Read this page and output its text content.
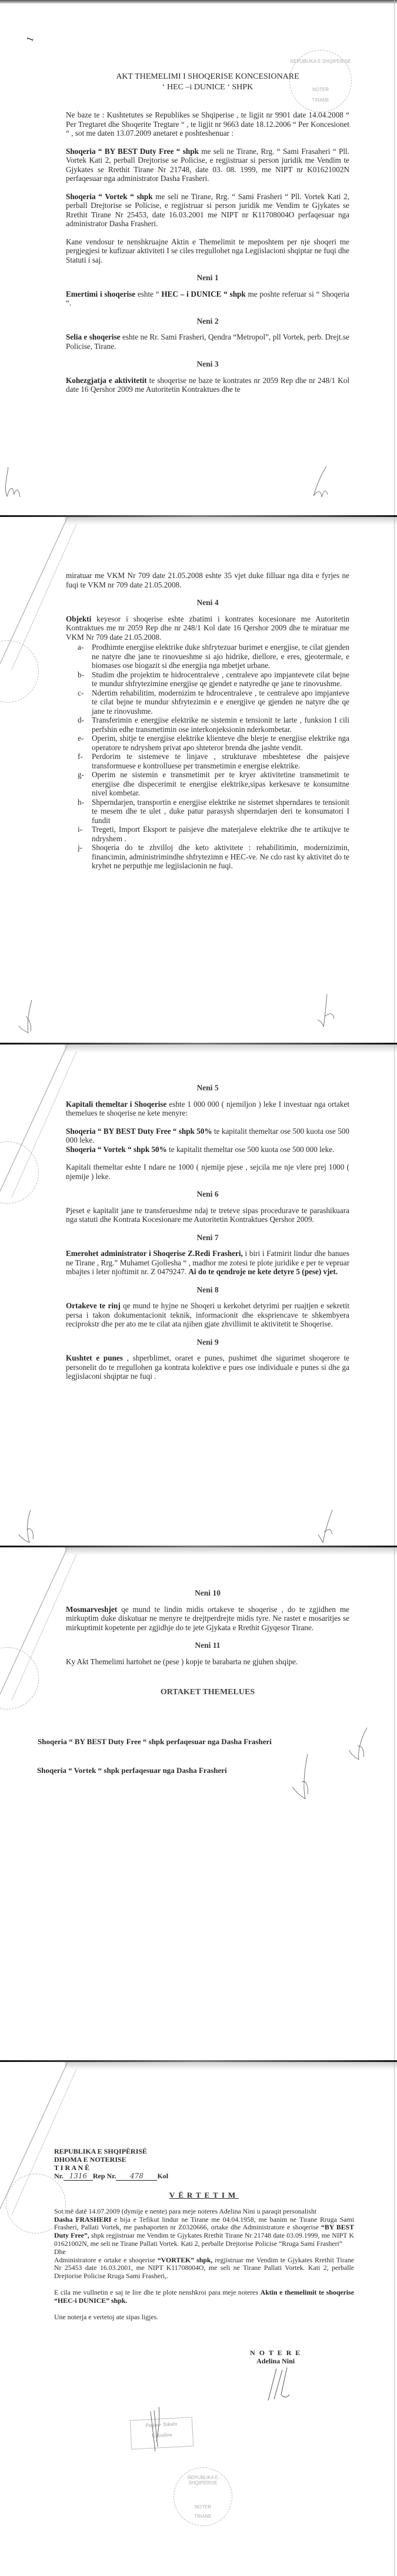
1
REPUBLIKA E SHQIPERISE
NOTER
TIRANE
AKT THEMELIMI I SHOQERISE KONCESIONARE
‘ HEC –i DUNICE ‘ SHPK

Ne baze te : Kushtetutes se Republikes se Shqiperise , te ligjit nr 9901 date 14.04.2008 “ Per Tregtaret dhe Shoqerite Tregtare “ , te ligjit nr 9663 date 18.12.2006 “ Per Koncesionet “ , sot me daten 13.07.2009 anetaret e poshteshenuar :

Shoqeria “ BY BEST Duty Free “ shpk me seli ne Tirane, Rrg. “ Sami Frasaheri “ Pll. Vortek Kati 2, perball Drejtorise se Policise, e regjistruar si person juridik me Vendim te Gjykates se Rrethit Tirane Nr 21748, date 03. 08. 1999, me NIPT nr K01621002N perfaqesuar nga administrator Dasha Frasheri.

Shoqeria “ Vortek “ shpk me seli ne Tirane, Rrg. “ Sami Frasheri “ Pll. Vortek Kati 2, perball Drejtorise se Policise, e regjistruar si person juridik me Vendim te Gjykates se Rrethit Tirane Nr 25453, date 16.03.2001 me NIPT nr K11708004O perfaqesuar nga administrator Dasha Frasheri.

Kane vendosur te nenshkruajne Aktin e Themelimit te meposhtem per nje shoqeri me pergjegjesi te kufizuar aktiviteti I se ciles rregullohet nga Legjislacioni shqiptar ne fuqi dhe Statuti i saj.

Neni 1

Emertimi i shoqerise eshte “ HEC – i DUNICE “ shpk me poshte referuar si “ Shoqeria “.

Neni 2

Selia e shoqerise eshte ne Rr. Sami Frasheri, Qendra “Metropol”, pll Vortek, perb. Drejt.se Policise, Tirane.

Neni 3

Kohezgjatja e aktivitetit te shoqerise ne baze te kontrates nr 2059 Rep dhe nr 248/1 Kol date 16 Qershor 2009 me Autoritetin Kontraktues dhe te

miratuar me VKM Nr 709 date 21.05.2008 eshte 35 vjet duke filluar nga dita e fyrjes ne fuqi te VKM nr 709 date 21.05.2008.

Neni 4

Objekti keyesor i shoqerise eshte zbatimi i kontrates kocesionare me Autoritetin Kontraktues me nr 2059 Rep dhe nr 248/1 Kol date 16 Qershor 2009 dhe te miratuar me VKM Nr 709 date 21.05.2008.

a-	Prodhimte energjise elektrike duke shfrytezuar burimet e energjise, te cilat gjenden ne natyre dhe jane te rinovueshme si ajo hidrike, diellore, e eres, gjeotermale, e biomases ose biogazit si dhe energjia nga mbetjet urbane.
b- Studim dhe projektim te hidrocentraleve , centraleve apo impjantevete cilat bejne te mundur shfrytezimine energjise qe gjendet e natyredhe qe jane te rinovushme.
c-	Ndertim rehabilitim, modernizim te hdrocentraleve , te centraleve apo impjanteve te cilat bejne te mundur shfrytezimin e e energjive qe gjenden ne natyre dhe qe jane te rinovushme.
d- Transferimin e energjise elektrike ne sistemin e tensionit te larte , funksion I cili perfshin edhe transmetimin ose interkonjeksionin nderkombetar.
e-	Operim, shitje te energjise elektrike klienteve dhe blerje te energjise elektrike nga operatore te ndryshem privat apo shteteror brenda dhe jashte vendit.
f-	Perdorim te sistemeve te linjave , strukturave mbeshtetese dhe paisjeve transformuese e kontrolluese per transmetimin e energise elektrike.
g- Operim ne sistemin e transmetimit per te kryer aktivitetine transmetimit te energjise dhe dispecerimit te energjise elektrike,sipas kerkesave te konsumitne nivel kombetar.
h- Shperndarjen, transportin e energjise elektrike ne sistemet shperndares te tensionit te mesem dhe te ulet , duke patur parasysh shperndarjen deri te konsumatori I fundit
i-	Tregeti, Import Eksport te paisjeve dhe materjaleve elektrike dhe te artikujve te ndryshem .
j-	Shoqeria do te zhvilloj dhe keto aktivitete : rehabilitimin, modernizimin, financimin, administrimindhe shfrytezimn e HEC-ve. Ne cdo rast ky aktivitet do te kryhet ne perputhje me legjislacionin ne fuqi.
Neni 5

Kapitali themeltar i Shoqerise eshte 1 000 000 ( njemiljon ) leke I investuar nga ortaket themelues te shoqerise ne kete menyre:

Shoqeria “ BY BEST Duty Free “ shpk 50% te kapitalit themeltar ose 500 kuota ose 500 000 leke.

Shoqeria “ Vortek “ shpk 50% te kapitalit themeltar ose 500 kuota ose 500 000 leke.

Kapitali themeltar eshte I ndare ne 1000 ( njemije pjese , sejcila me nje vlere prej 1000 ( njemije ) leke.

Neni 6

Pjeset e kapitalit jane te transferueshme ndaj te treteve sipas procedurave te parashikuara nga statuti dhe Kontrata Kocesionare me Autoritetin Kontraktues Qershor 2009.

Neni 7

Emerohet administrator i Shoqerise Z.Redi Frasheri, i biri i Fatmirit lindur dhe banues ne Tirane , Rrg.” Muhamet Gjollesha “ , madhor me zotesi te plote juridike e per te vepruar mbajtes i leter njoftimit nr. Z 0479247. Ai do te qendroje ne kete detyre 5 (pese) vjet.

Neni 8

Ortakeve te rinj qe mund te hyjne ne Shoqeri u kerkohet detyrimi per ruajtjen e sekretit persa i takon dokumentacionit teknik, informacionit dhe ekspriencave te shkembyera reciprokstr dhe per ato me te cilat ata njihen gjate zhvillimit te aktivitetit te Shoqerise.

Neni 9

Kushtet e punes , shperblimet, oraret e punes, pushimet dhe sigurimet shoqerore te personelit do te rregullohen ga kontrata kolektive e pues ose individuale e punes si dhe ga legjislaconi shqiptar ne fuqi .

Neni 10

Mosmarveshjet qe mund te lindin midis ortakeve te shoqerise , do te zgjidhen me mirkuptim duke diskutuar ne menyre te drejtperdrejte midis tyre. Ne rastet e mosaritjes se mirkuptimit kopetente per zgjidhje do te jete Gjykata e Rrethit Gjyqesor Tirane.

Neni 11

Ky Akt Themelimi hartohet ne (pese ) kopje te barabarta ne gjuhen shqipe.

ORTAKET THEMELUES
Shoqeria “ BY BEST Duty Free “ shpk perfaqesuar nga Dasha Frasheri
Shoqeria “ Vortek “ shpk perfaqesuar nga Dasha Frasheri
REPUBLIKA E SHQIPËRISË
DHOMA E NOTERISE
T I R A N Ë
Nr. 1316 Rep Nr. 478 Kol
VËRTETIM
Sot më datë 14.07.2009 (dymije e nente) para meje noteres Adelina Nini u paraqit personalisht
Dasha FRASHERI e bija e Tefikut lindur ne Tirane me 04.04.1958, me banim ne Tirane Rruga Sami Frasheri, Pallati Vortek, me pashaporten nr Z0320666, ortake dhe Administratore e shoqerise “BY BEST Duty Free”, shpk regjistruar me Vendim te Gjykates Rrethit Tirane Nr 21748 date 03.09.1999, me NIPT K 01621002N, me seli ne Tirane Pallati Vortek. Kati 2, perballe Drejtorise Policise “Rruga Sami Frasheri”
Dhe
Administratore e ortake e shoqerise “VORTEK” shpk, regjistruar me Vendim te Gjykates Rrethit Tirane Nr 25453 date 16.03.2001, me NIPT K11708004O, me seli ne Tirane Pallati Vortek. Kati 2, perballe Drejtorise Policise Rruga Sami Frasheri,.
E cila me vullnetin e saj te lire dhe te plote nenshkroi para meje noteres Aktin e themelimit te shoqerise “HEC-i DUNICE” shpk.
Une noterja e vertetoj ate sipas ligjes.
N O T E R E
Adelina Nini
Paguar Taksën
U.Kodina
REPUBLIKA E SHQIPERISE
NOTER
TIRANE
